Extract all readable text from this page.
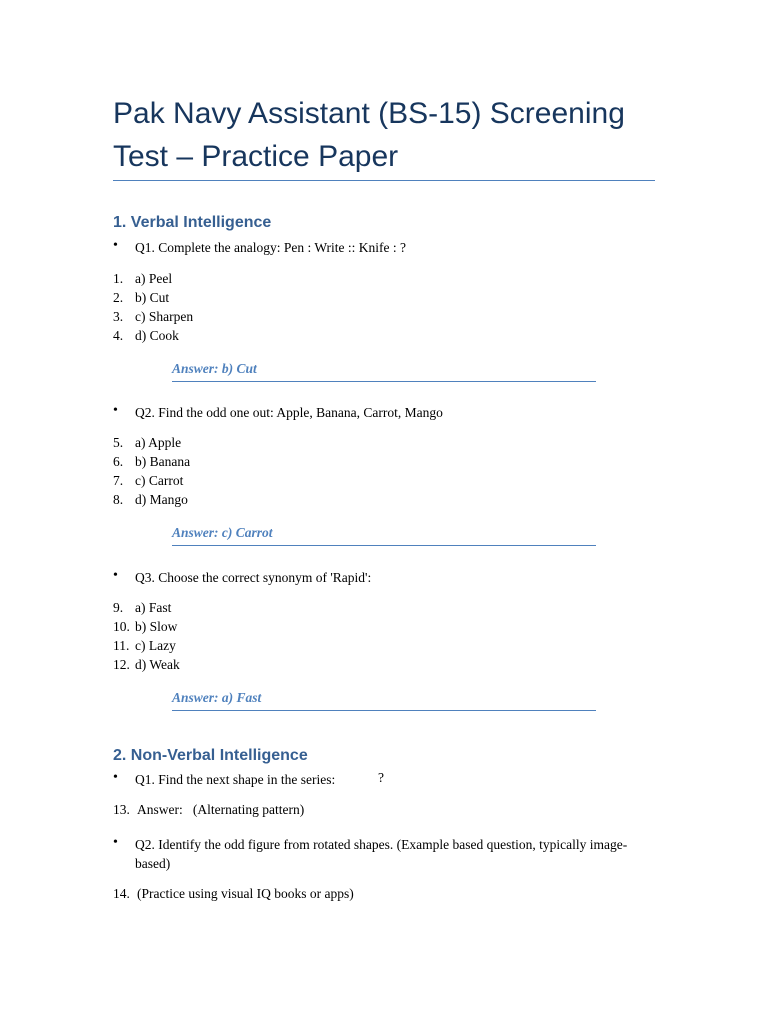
Pak Navy Assistant (BS-15) Screening Test – Practice Paper
1. Verbal Intelligence
• Q1. Complete the analogy: Pen : Write :: Knife : ?
1. a) Peel
2. b) Cut
3. c) Sharpen
4. d) Cook
Answer: b) Cut
• Q2. Find the odd one out: Apple, Banana, Carrot, Mango
5. a) Apple
6. b) Banana
7. c) Carrot
8. d) Mango
Answer: c) Carrot
• Q3. Choose the correct synonym of 'Rapid':
9. a) Fast
10. b) Slow
11. c) Lazy
12. d) Weak
Answer: a) Fast
2. Non-Verbal Intelligence
• Q1. Find the next shape in the series:	?
13. Answer:   (Alternating pattern)
• Q2. Identify the odd figure from rotated shapes. (Example based question, typically image-based)
14. (Practice using visual IQ books or apps)
